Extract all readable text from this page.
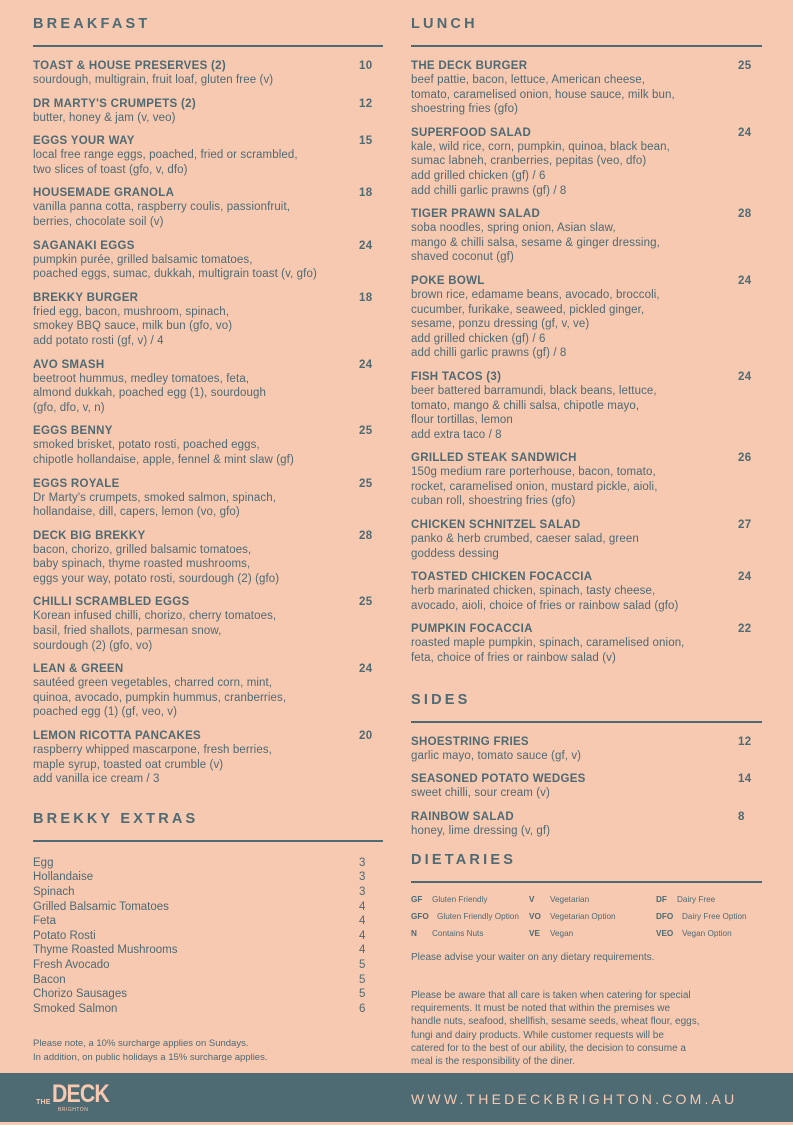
BREAKFAST
TOAST & HOUSE PRESERVES (2)	10
sourdough, multigrain, fruit loaf, gluten free (v)
DR MARTY'S CRUMPETS (2)	12
butter, honey & jam (v, veo)
EGGS YOUR WAY	15
local free range eggs, poached, fried or scrambled,
two slices of toast (gfo, v, dfo)
HOUSEMADE GRANOLA	18
vanilla panna cotta, raspberry coulis, passionfruit,
berries, chocolate soil (v)
SAGANAKI EGGS	24
pumpkin purée, grilled balsamic tomatoes,
poached eggs, sumac, dukkah, multigrain toast (v, gfo)
BREKKY BURGER	18
fried egg, bacon, mushroom, spinach,
smokey BBQ sauce, milk bun (gfo, vo)
add potato rosti (gf, v) / 4
AVO SMASH	24
beetroot hummus, medley tomatoes, feta,
almond dukkah, poached egg (1), sourdough
(gfo, dfo, v, n)
EGGS BENNY	25
smoked brisket, potato rosti, poached eggs,
chipotle hollandaise, apple, fennel & mint slaw (gf)
EGGS ROYALE	25
Dr Marty's crumpets, smoked salmon, spinach,
hollandaise, dill, capers, lemon (vo, gfo)
DECK BIG BREKKY	28
bacon, chorizo, grilled balsamic tomatoes,
baby spinach, thyme roasted mushrooms,
eggs your way, potato rosti, sourdough (2) (gfo)
CHILLI SCRAMBLED EGGS	25
Korean infused chilli, chorizo, cherry tomatoes,
basil, fried shallots, parmesan snow,
sourdough (2) (gfo, vo)
LEAN & GREEN	24
sautéed green vegetables, charred corn, mint,
quinoa, avocado, pumpkin hummus, cranberries,
poached egg (1) (gf, veo, v)
LEMON RICOTTA PANCAKES	20
raspberry whipped mascarpone, fresh berries,
maple syrup, toasted oat crumble (v)
add vanilla ice cream / 3
BREKKY EXTRAS
Egg	3
Hollandaise	3
Spinach	3
Grilled Balsamic Tomatoes	4
Feta	4
Potato Rosti	4
Thyme Roasted Mushrooms	4
Fresh Avocado	5
Bacon	5
Chorizo Sausages	5
Smoked Salmon	6
Please note, a 10% surcharge applies on Sundays.
In addition, on public holidays a 15% surcharge applies.
LUNCH
THE DECK BURGER	25
beef pattie, bacon, lettuce, American cheese,
tomato, caramelised onion, house sauce, milk bun,
shoestring fries (gfo)
SUPERFOOD SALAD	24
kale, wild rice, corn, pumpkin, quinoa, black bean,
sumac labneh, cranberries, pepitas (veo, dfo)
add grilled chicken (gf) / 6
add chilli garlic prawns (gf) / 8
TIGER PRAWN SALAD	28
soba noodles, spring onion, Asian slaw,
mango & chilli salsa, sesame & ginger dressing,
shaved coconut (gf)
POKE BOWL	24
brown rice, edamame beans, avocado, broccoli,
cucumber, furikake, seaweed, pickled ginger,
sesame, ponzu dressing (gf, v, ve)
add grilled chicken (gf) / 6
add chilli garlic prawns (gf) / 8
FISH TACOS (3)	24
beer battered barramundi, black beans, lettuce,
tomato, mango & chilli salsa, chipotle mayo,
flour tortillas, lemon
add extra taco / 8
GRILLED STEAK SANDWICH	26
150g medium rare porterhouse, bacon, tomato,
rocket, caramelised onion, mustard pickle, aioli,
cuban roll, shoestring fries (gfo)
CHICKEN SCHNITZEL SALAD	27
panko & herb crumbed, caeser salad, green
goddess dessing
TOASTED CHICKEN FOCACCIA	24
herb marinated chicken, spinach, tasty cheese,
avocado, aioli, choice of fries or rainbow salad (gfo)
PUMPKIN FOCACCIA	22
roasted maple pumpkin, spinach, caramelised onion,
feta, choice of fries or rainbow salad (v)
SIDES
SHOESTRING FRIES	12
garlic mayo, tomato sauce (gf, v)
SEASONED POTATO WEDGES	14
sweet chilli, sour cream (v)
RAINBOW SALAD	8
honey, lime dressing (v, gf)
DIETARIES
GF	Gluten Friendly	V	Vegetarian	DF	Dairy Free
GFO	Gluten Friendly Option VO	Vegetarian Option	DFO	Dairy Free Option
N	Contains Nuts	VE	Vegan	VEO	Vegan Option
Please advise your waiter on any dietary requirements.
Please be aware that all care is taken when catering for special
requirements. It must be noted that within the premises we
handle nuts, seafood, shellfish, sesame seeds, wheat flour, eggs,
fungi and dairy products. While customer requests will be
catered for to the best of our ability, the decision to consume a
meal is the responsibility of the diner.
THE DECK
BRIGHTON
WWW.THEDECKBRIGHTON.COM.AU
